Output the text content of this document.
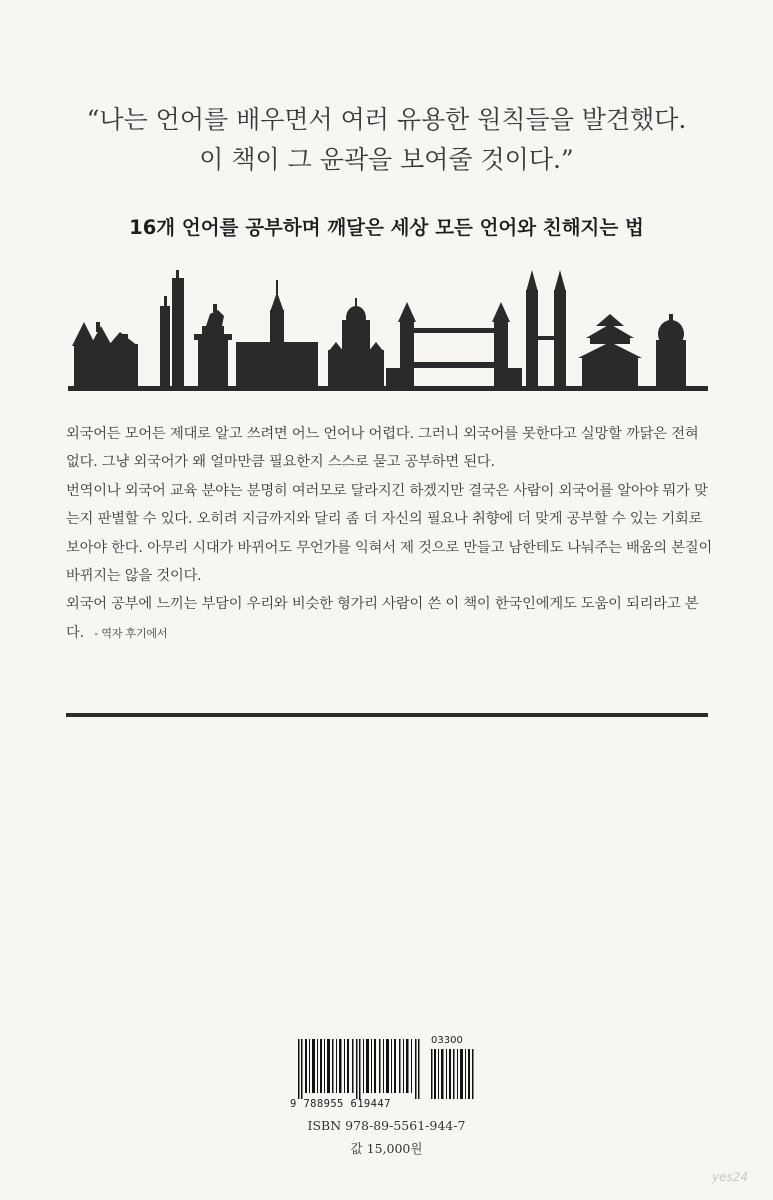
“나는 언어를 배우면서 여러 유용한 원칙들을 발견했다.
이 책이 그 윤곽을 보여줄 것이다.”
16개 언어를 공부하며 깨달은 세상 모든 언어와 친해지는 법

외국어든 모어든 제대로 알고 쓰려면 어느 언어나 어렵다. 그러니 외국어를 못한다고 실망할 까닭은 전혀 없다. 그냥 외국어가 왜 얼마만큼 필요한지 스스로 묻고 공부하면 된다.

번역이나 외국어 교육 분야는 분명히 여러모로 달라지긴 하겠지만 결국은 사람이 외국어를 알아야 뭐가 맞는지 판별할 수 있다. 오히려 지금까지와 달리 좀 더 자신의 필요나 취향에 더 맞게 공부할 수 있는 기회로 보아야 한다. 아무리 시대가 바뀌어도 무언가를 익혀서 제 것으로 만들고 남한테도 나눠주는 배움의 본질이 바뀌지는 않을 것이다.

외국어 공부에 느끼는 부담이 우리와 비슷한 형가리 사람이 쓴 이 책이 한국인에게도 도움이 되리라고 본다. - 역자 후기에서

03300
9 788955 619447
ISBN 978-89-5561-944-7
값 15,000원
yes24
